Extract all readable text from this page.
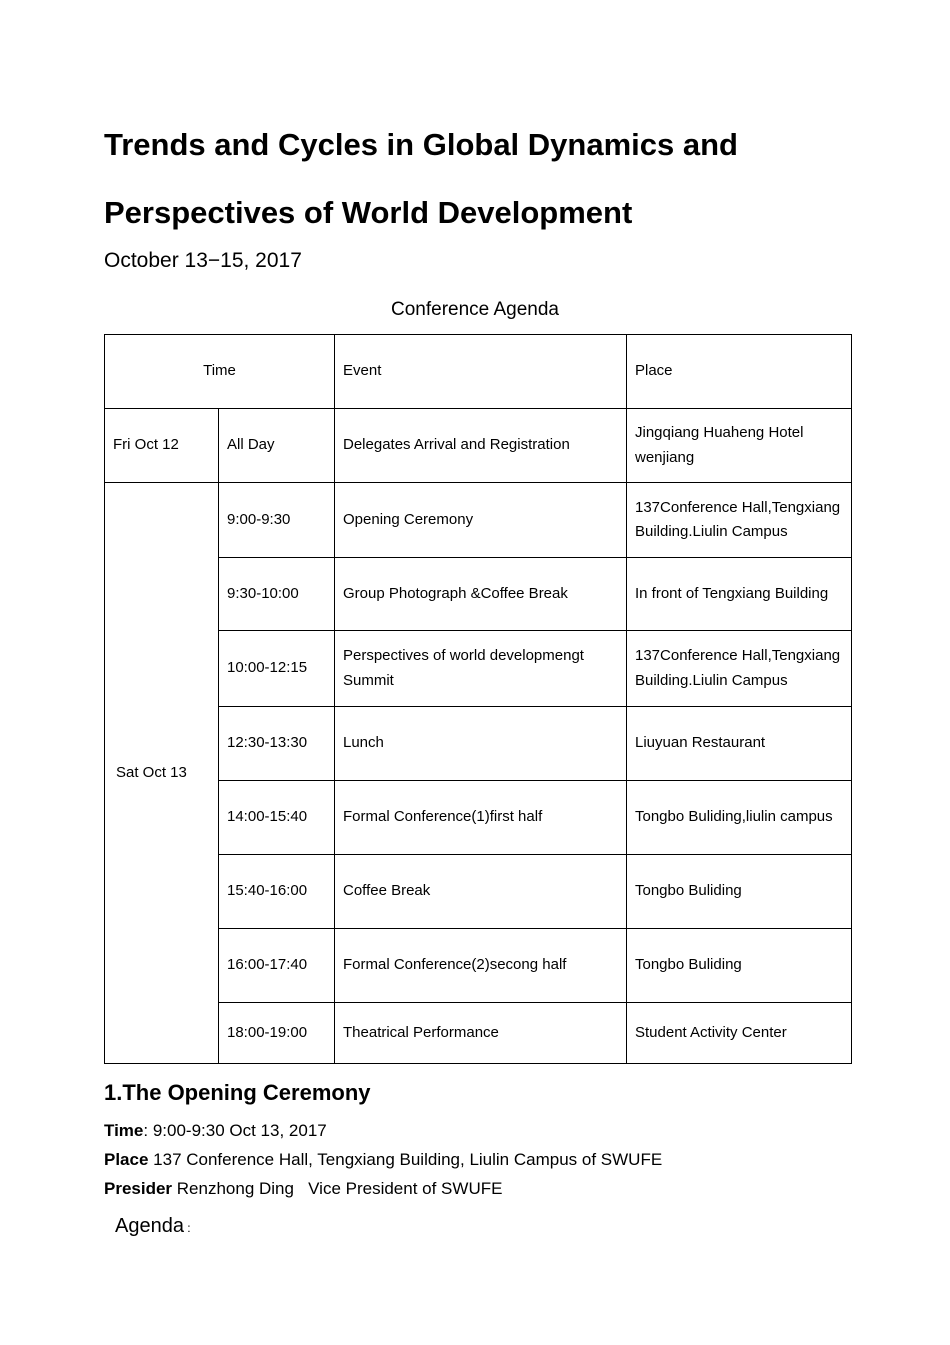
Trends and Cycles in Global Dynamics and
Perspectives of World Development
October 13−15, 2017
Conference Agenda
Time		Event	Place
Fri Oct 12	All Day	Delegates Arrival and Registration	Jingqiang Huaheng Hotel wenjiang
Sat Oct 13	9:00-9:30	Opening Ceremony	137Conference Hall,Tengxiang Building.Liulin Campus
	9:30-10:00	Group Photograph &Coffee Break	In front of Tengxiang Building
	10:00-12:15	Perspectives of world developmengt Summit	137Conference Hall,Tengxiang Building.Liulin Campus
	12:30-13:30	Lunch	Liuyuan Restaurant
	14:00-15:40	Formal Conference(1)first half	Tongbo Buliding,liulin campus
	15:40-16:00	Coffee Break	Tongbo Buliding
	16:00-17:40	Formal Conference(2)secong half	Tongbo Buliding
	18:00-19:00	Theatrical Performance	Student Activity Center
1.The Opening Ceremony
Time: 9:00-9:30 Oct 13, 2017
Place 137 Conference Hall, Tengxiang Building, Liulin Campus of SWUFE
Presider Renzhong Ding   Vice President of SWUFE
Agenda :
